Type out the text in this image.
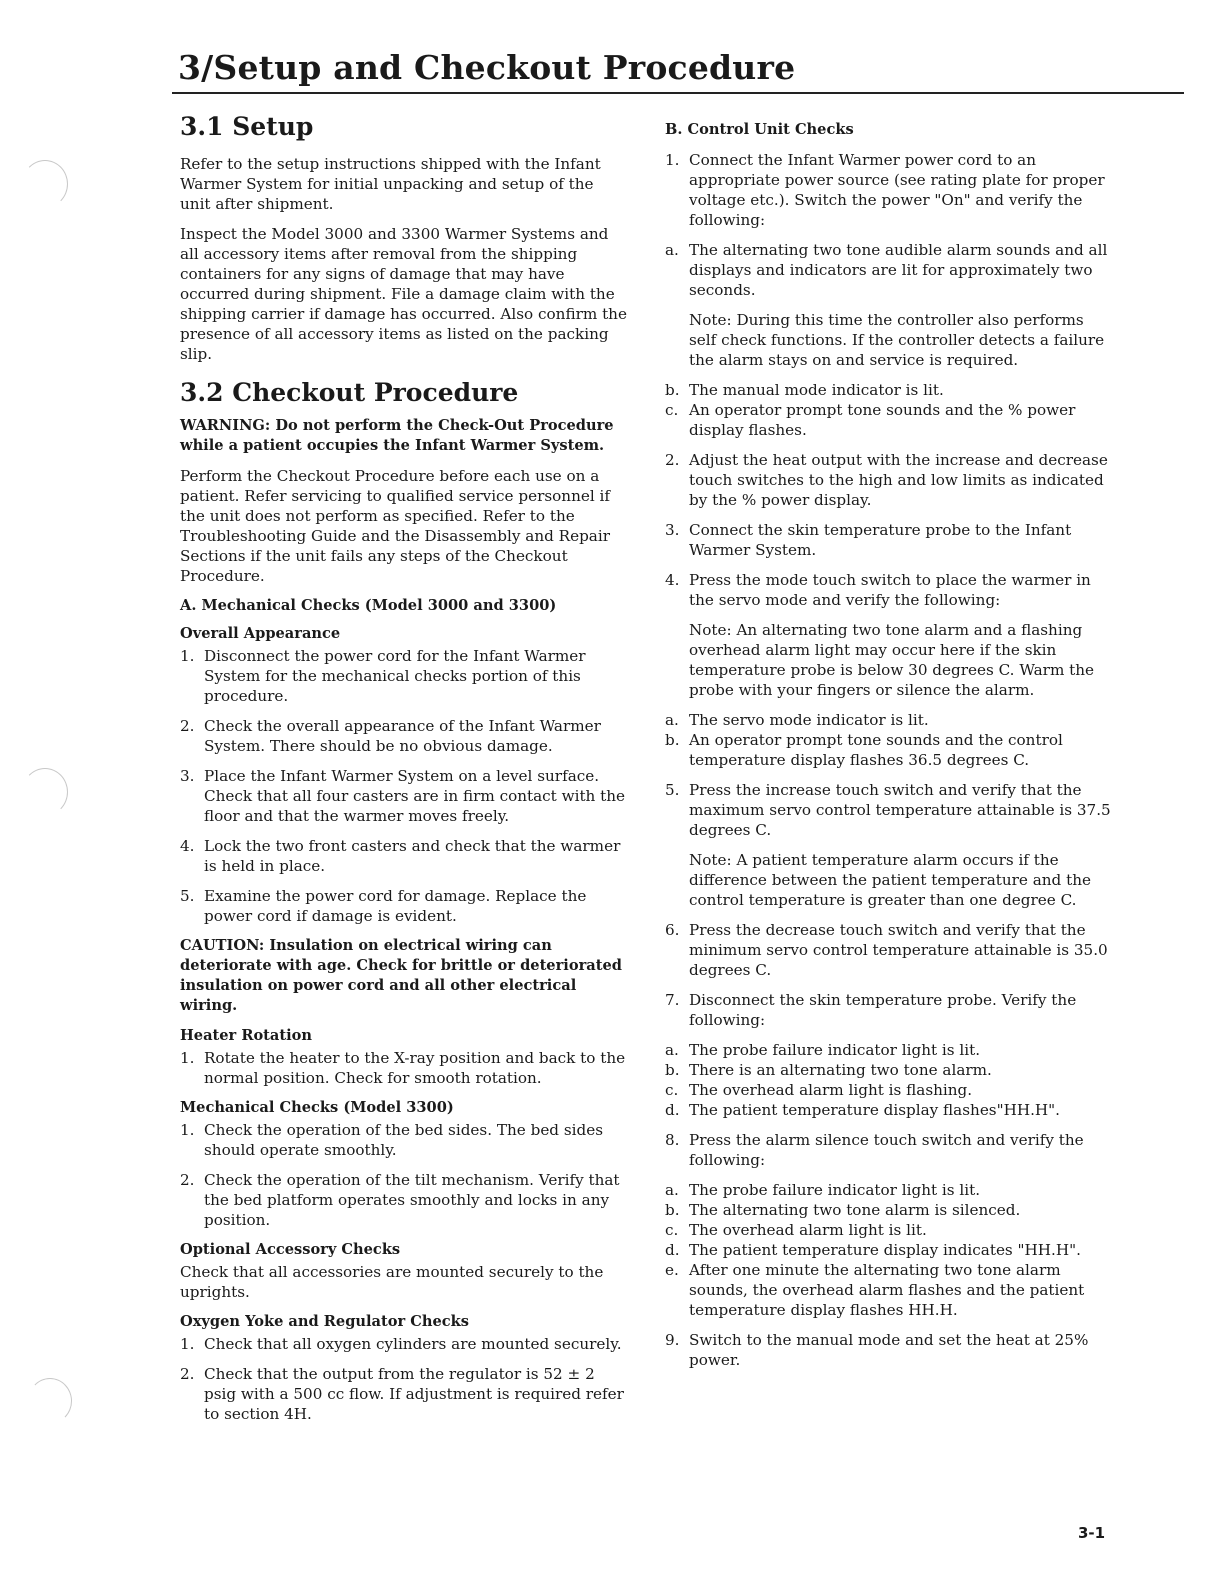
3/Setup and Checkout Procedure
3.1 Setup

Refer to the setup instructions shipped with the Infant Warmer System for initial unpacking and setup of the unit after shipment.

Inspect the Model 3000 and 3300 Warmer Systems and all accessory items after removal from the shipping containers for any signs of damage that may have occurred during shipment. File a damage claim with the shipping carrier if damage has occurred. Also confirm the presence of all accessory items as listed on the packing slip.

3.2 Checkout Procedure

WARNING: Do not perform the Check-Out Procedure while a patient occupies the Infant Warmer System.

Perform the Checkout Procedure before each use on a patient. Refer servicing to qualified service personnel if the unit does not perform as specified. Refer to the Troubleshooting Guide and the Disassembly and Repair Sections if the unit fails any steps of the Checkout Procedure.

A. Mechanical Checks (Model 3000 and 3300)
Overall Appearance
1. Disconnect the power cord for the Infant Warmer System for the mechanical checks portion of this procedure.
2. Check the overall appearance of the Infant Warmer System. There should be no obvious damage.
3. Place the Infant Warmer System on a level surface. Check that all four casters are in firm contact with the floor and that the warmer moves freely.
4. Lock the two front casters and check that the warmer is held in place.
5. Examine the power cord for damage. Replace the power cord if damage is evident.

CAUTION: Insulation on electrical wiring can deteriorate with age. Check for brittle or deteriorated insulation on power cord and all other electrical wiring.

Heater Rotation
1. Rotate the heater to the X-ray position and back to the normal position. Check for smooth rotation.
Mechanical Checks (Model 3300)
1. Check the operation of the bed sides. The bed sides should operate smoothly.
2. Check the operation of the tilt mechanism. Verify that the bed platform operates smoothly and locks in any position.
Optional Accessory Checks

Check that all accessories are mounted securely to the uprights.

Oxygen Yoke and Regulator Checks
1. Check that all oxygen cylinders are mounted securely.
2. Check that the output from the regulator is 52 ± 2 psig with a 500 cc flow. If adjustment is required refer to section 4H.
B. Control Unit Checks
1. Connect the Infant Warmer power cord to an appropriate power source (see rating plate for proper voltage etc.). Switch the power "On" and verify the following:
a. The alternating two tone audible alarm sounds and all displays and indicators are lit for approximately two seconds.

Note: During this time the controller also performs self check functions. If the controller detects a failure the alarm stays on and service is required.

b. The manual mode indicator is lit.
c. An operator prompt tone sounds and the % power display flashes.
2. Adjust the heat output with the increase and decrease touch switches to the high and low limits as indicated by the % power display.
3. Connect the skin temperature probe to the Infant Warmer System.
4. Press the mode touch switch to place the warmer in the servo mode and verify the following:

Note: An alternating two tone alarm and a flashing overhead alarm light may occur here if the skin temperature probe is below 30 degrees C. Warm the probe with your fingers or silence the alarm.

a. The servo mode indicator is lit.
b. An operator prompt tone sounds and the control temperature display flashes 36.5 degrees C.
5. Press the increase touch switch and verify that the maximum servo control temperature attainable is 37.5 degrees C.

Note: A patient temperature alarm occurs if the difference between the patient temperature and the control temperature is greater than one degree C.

6. Press the decrease touch switch and verify that the minimum servo control temperature attainable is 35.0 degrees C.
7. Disconnect the skin temperature probe. Verify the following:
a. The probe failure indicator light is lit.
b. There is an alternating two tone alarm.
c. The overhead alarm light is flashing.
d. The patient temperature display flashes"HH.H".
8. Press the alarm silence touch switch and verify the following:
a. The probe failure indicator light is lit.
b. The alternating two tone alarm is silenced.
c. The overhead alarm light is lit.
d. The patient temperature display indicates "HH.H".
e. After one minute the alternating two tone alarm sounds, the overhead alarm flashes and the patient temperature display flashes HH.H.
9. Switch to the manual mode and set the heat at 25% power.
3-1
